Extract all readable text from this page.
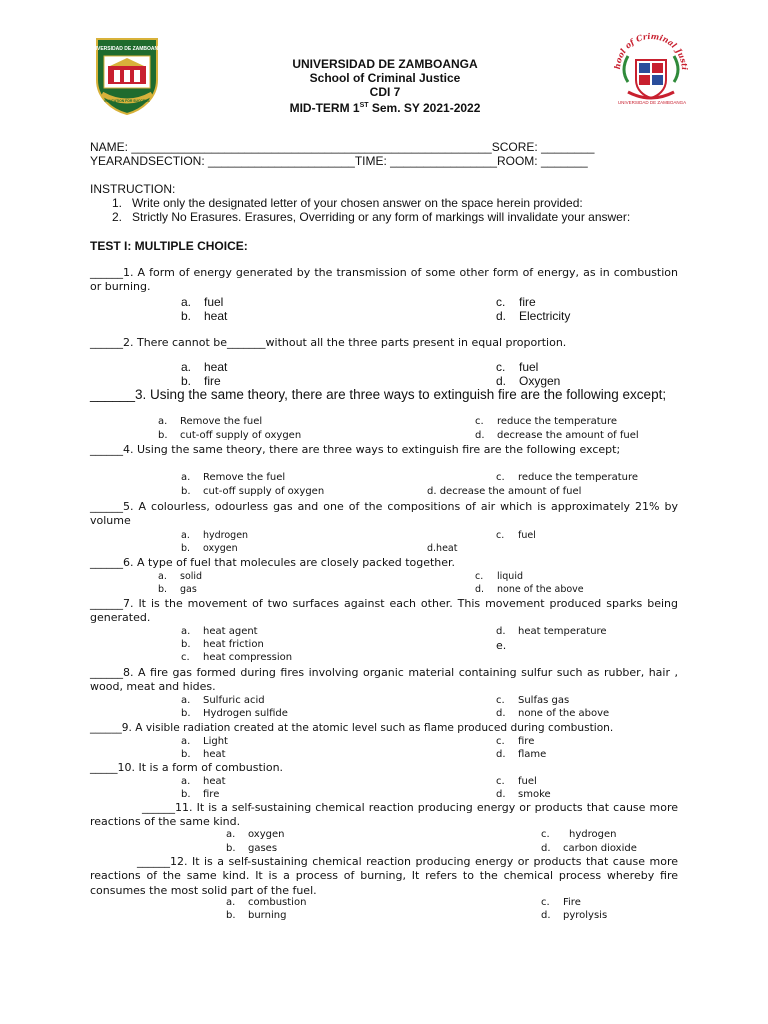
UNIVERSIDAD DE ZAMBOANGA
EDUCATION FOR SUCCESS
UNIVERSIDAD DE ZAMBOANGA
School of Criminal Justice
CDI 7
MID-TERM 1ST Sem. SY 2021-2022
hool of Criminal Justi
UNIVERSIDAD DE ZAMBOANGA
NAME: ______________________________________________________SCORE: ________
YEARANDSECTION: ______________________TIME: ________________ROOM: _______
INSTRUCTION:
1.   Write only the designated letter of your chosen answer on the space herein provided:
2.   Strictly No Erasures. Erasures, Overriding or any form of markings will invalidate your answer:
TEST I: MULTIPLE CHOICE:
______1. A form of energy generated by the transmission of some other form of energy, as in combustion or burning.
a. fuel
b. heat
c. fire
d. Electricity
______2. There cannot be_______without all the three parts present in equal proportion.
a. heat
b. fire
c. fuel
d. Oxygen
______3. Using the same theory, there are three ways to extinguish fire are the following except;
a. Remove the fuel
b. cut-off supply of oxygen
c. reduce the temperature
d. decrease the amount of fuel
______4. Using the same theory, there are three ways to extinguish fire are the following except;
a. Remove the fuel
b. cut-off supply of oxygen
c. reduce the temperature
d. decrease the amount of fuel
______5. A colourless, odourless gas and one of the compositions of air which is approximately 21% by volume
a. hydrogen
b. oxygen
c. fuel
d.heat
______6. A type of fuel that molecules are closely packed together.
a. solid
b. gas
c. liquid
d. none of the above
______7. It is the movement of two surfaces against each other. This movement produced sparks being generated.
a. heat agent
b. heat friction
c. heat compression
d. heat temperature
e.
______8. A fire gas formed during fires involving organic material containing sulfur such as rubber, hair , wood, meat and hides.
a. Sulfuric acid
b. Hydrogen sulfide
c. Sulfas gas
d. none of the above
______9. A visible radiation created at the atomic level such as flame produced during combustion.
a. Light
b. heat
c. fire
d. flame
_____10. It is a form of combustion.
a. heat
b. fire
c. fuel
d. smoke
______11. It is a self-sustaining chemical reaction producing energy or products that cause more reactions of the same kind.
a. oxygen
b. gases
c. hydrogen
d. carbon dioxide
______12. It is a self-sustaining chemical reaction producing energy or products that cause more reactions of the same kind. It is a process of burning, It refers to the chemical process whereby fire consumes the most solid part of the fuel.
a. combustion
b. burning
c. Fire
d. pyrolysis
